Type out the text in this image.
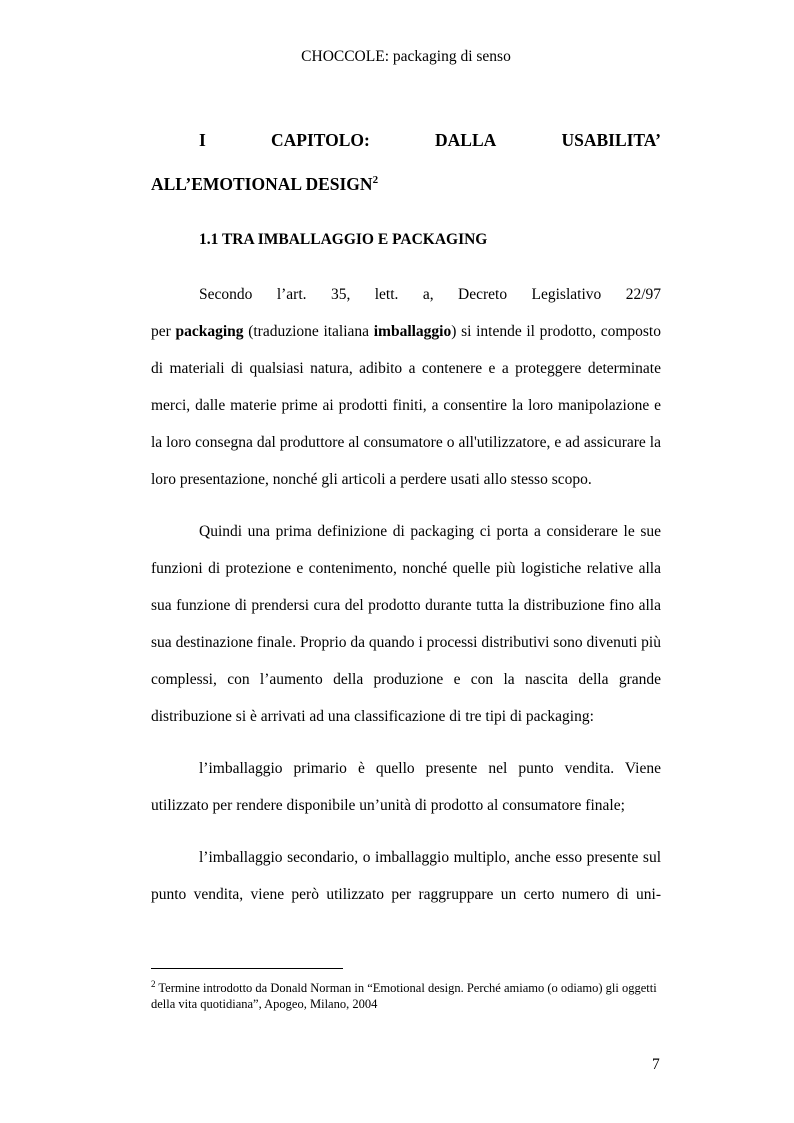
CHOCCOLE: packaging di senso
I	CAPITOLO:	DALLA	USABILITA’
ALL’EMOTIONAL DESIGN$^2$
1.1 TRA IMBALLAGGIO E PACKAGING
Secondo l’art. 35, lett. a, Decreto Legislativo 22/97

per packaging (traduzione italiana imballaggio) si intende il prodotto, composto di materiali di qualsiasi natura, adibito a contenere e a proteggere determinate merci, dalle materie prime ai prodotti finiti, a consentire la loro manipolazione e la loro consegna dal produttore al consumatore o all'utilizzatore, e ad assicurare la loro presentazione, nonché gli articoli a perdere usati allo stesso scopo.

Quindi una prima definizione di packaging ci porta a considerare le sue funzioni di protezione e contenimento, nonché quelle più logistiche relative alla sua funzione di prendersi cura del prodotto durante tutta la distribuzione fino alla sua destinazione finale. Proprio da quando i processi distributivi sono divenuti più complessi, con l’aumento della produzione e con la nascita della grande distribuzione si è arrivati ad una classificazione di tre tipi di packaging:

l’imballaggio primario è quello presente nel punto vendita. Viene utilizzato per rendere disponibile un’unità di prodotto al consumatore finale;

l’imballaggio secondario, o imballaggio multiplo, anche esso presente sul punto vendita, viene però utilizzato per raggruppare un certo numero di uni-

$^2$ Termine introdotto da Donald Norman in “Emotional design. Perché amiamo (o odiamo) gli oggetti della vita quotidiana”, Apogeo, Milano, 2004
7
